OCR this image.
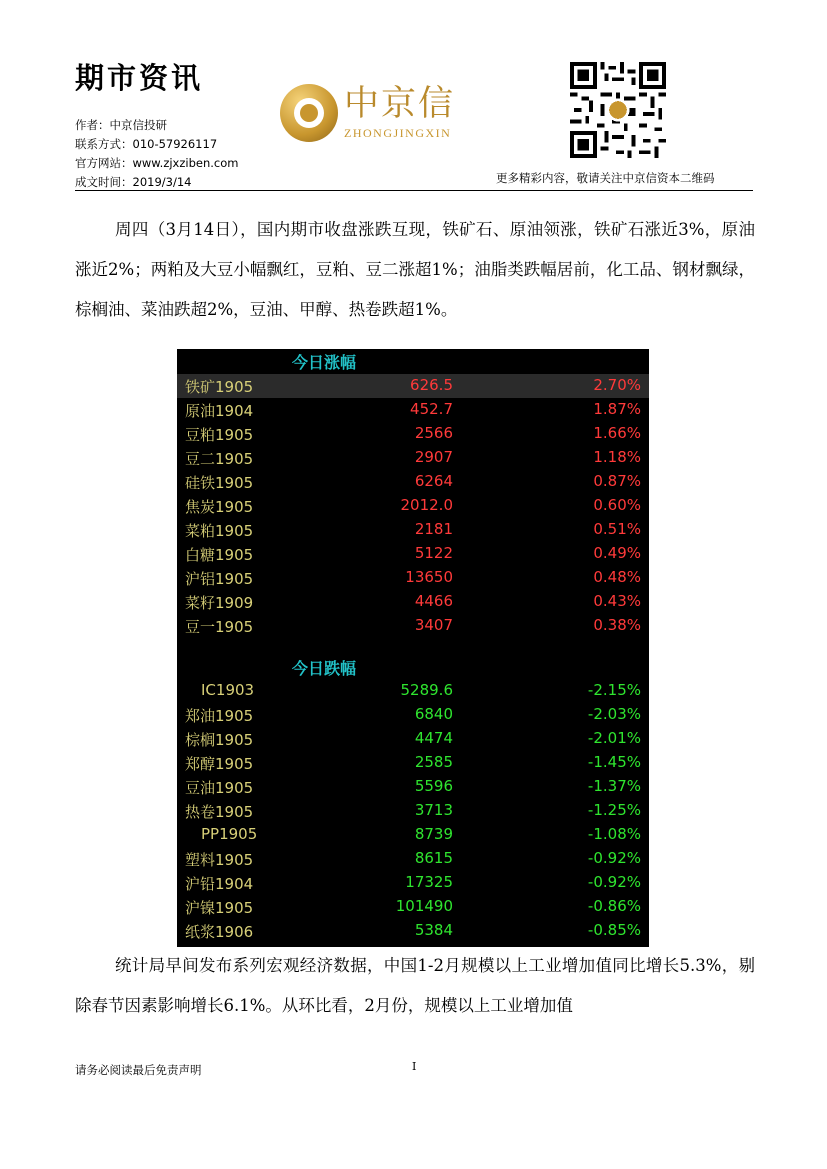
期市资讯
作者：中京信投研
联系方式：010-57926117
官方网站：www.zjxziben.com
成文时间：2019/3/14
中京信
ZHONGJINGXIN
更多精彩内容，敬请关注中京信资本二维码
周四（3月14日），国内期市收盘涨跌互现，铁矿石、原油领涨，铁矿石涨近3%，原油涨近2%；两粕及大豆小幅飘红，豆粕、豆二涨超1%；油脂类跌幅居前，化工品、钢材飘绿，棕榈油、菜油跌超2%，豆油、甲醇、热卷跌超1%。
今日涨幅
铁矿1905	626.5	2.70%
原油1904	452.7	1.87%
豆粕1905	2566	1.66%
豆二1905	2907	1.18%
硅铁1905	6264	0.87%
焦炭1905	2012.0	0.60%
菜粕1905	2181	0.51%
白糖1905	5122	0.49%
沪铝1905	13650	0.48%
菜籽1909	4466	0.43%
豆一1905	3407	0.38%
今日跌幅
IC1903	5289.6	-2.15%
郑油1905	6840	-2.03%
棕榈1905	4474	-2.01%
郑醇1905	2585	-1.45%
豆油1905	5596	-1.37%
热卷1905	3713	-1.25%
PP1905	8739	-1.08%
塑料1905	8615	-0.92%
沪铅1904	17325	-0.92%
沪镍1905	101490	-0.86%
纸浆1906	5384	-0.85%
统计局早间发布系列宏观经济数据，中国1-2月规模以上工业增加值同比增长5.3%，剔除春节因素影响增长6.1%。从环比看，2月份，规模以上工业增加值
请务必阅读最后免责声明	I
